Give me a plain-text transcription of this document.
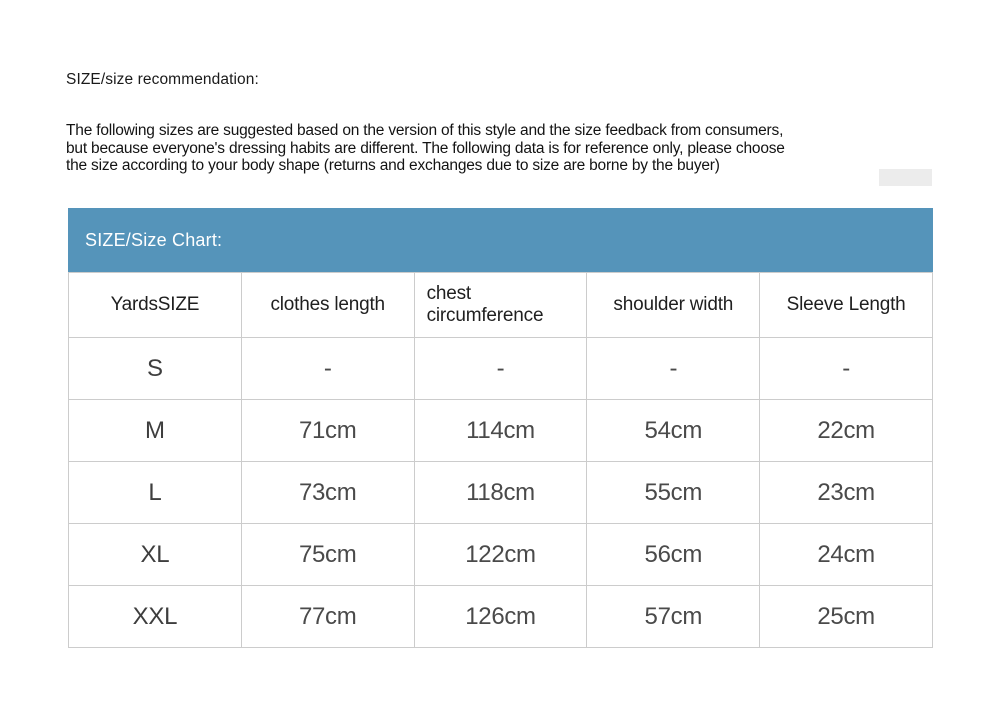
SIZE/size recommendation:
The following sizes are suggested based on the version of this style and the size feedback from consumers,
but because everyone's dressing habits are different. The following data is for reference only, please choose
the size according to your body shape (returns and exchanges due to size are borne by the buyer)
SIZE/Size Chart:
YardsSIZE	clothes length	chest circumference	shoulder width	Sleeve Length
S	-	-	-	-
M	71cm	114cm	54cm	22cm
L	73cm	118cm	55cm	23cm
XL	75cm	122cm	56cm	24cm
XXL	77cm	126cm	57cm	25cm
